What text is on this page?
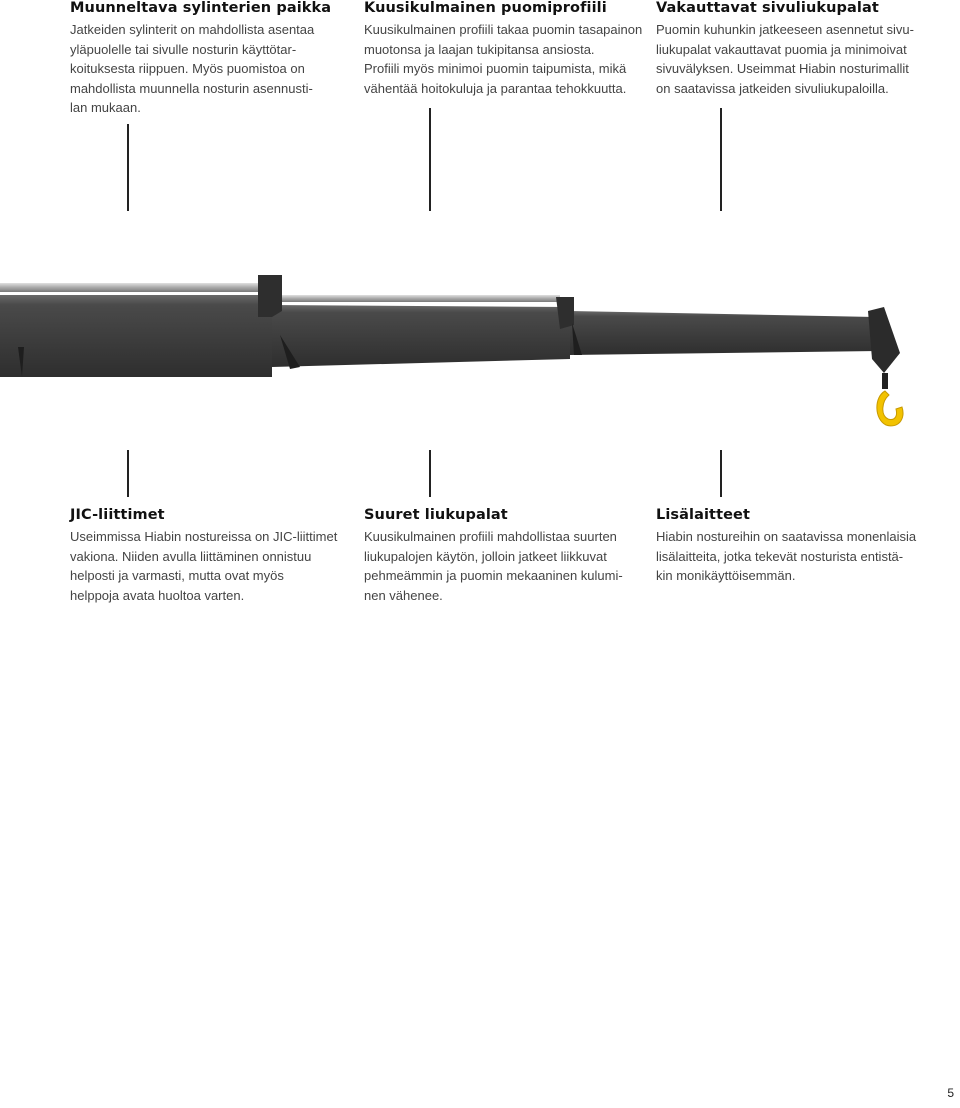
Muunneltava sylinterien paikka

Jatkeiden sylinterit on mahdollista asentaa
yläpuolelle tai sivulle nosturin käyttötar-
koituksesta riippuen. Myös puomistoa on
mahdollista muunnella nosturin asennusti-
lan mukaan.

Kuusikulmainen puomiprofiili

Kuusikulmainen profiili takaa puomin tasapainon
muotonsa ja laajan tukipitansa ansiosta.
Profiili myös minimoi puomin taipumista, mikä
vähentää hoitokuluja ja parantaa tehokkuutta.

Vakauttavat sivuliukupalat

Puomin kuhunkin jatkeeseen asennetut sivu-
liukupalat vakauttavat puomia ja minimoivat
sivuvälyksen. Useimmat Hiabin nosturimallit
on saatavissa jatkeiden sivuliukupaloilla.

JIC-liittimet

Useimmissa Hiabin nostureissa on JIC-liittimet
vakiona. Niiden avulla liittäminen onnistuu
helposti ja varmasti, mutta ovat myös
helppoja avata huoltoa varten.

Suuret liukupalat

Kuusikulmainen profiili mahdollistaa suurten
liukupalojen käytön, jolloin jatkeet liikkuvat
pehmeämmin ja puomin mekaaninen kulumi-
nen vähenee.

Lisälaitteet

Hiabin nostureihin on saatavissa monenlaisia
lisälaitteita, jotka tekevät nosturista entistä-
kin monikäyttöisemmän.

5
